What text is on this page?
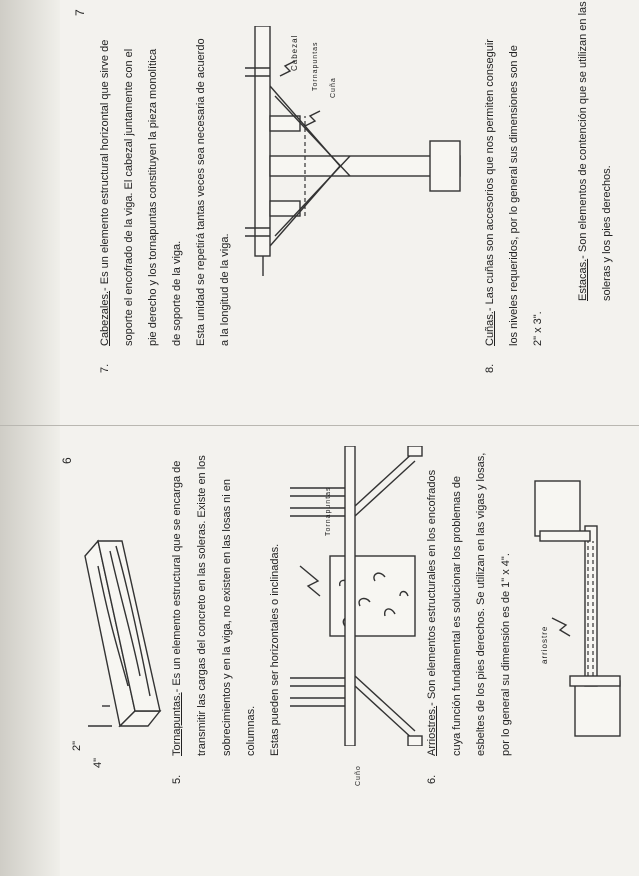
6
2"
4"
5.
Tornapuntas.- Es un elemento estructural que se encarga de transmitir las cargas del concreto en las soleras. Existe en los sobrecimientos y en la viga, no existen en las losas ni en columnas. Estas pueden ser horizontales o inclinadas.
Tornapuntas
Cuño	6.
Arriostres.- Son elementos estructurales en los encofrados cuya función fundamental es solucionar los problemas de esbeltes de los pies derechos. Se utilizan en las vigas y losas, por lo general su dimensión es de 1" x 4".	arriostre
7
7.
Cabezales.- Es un elemento estructural horizontal que sirve de soporte el encofrado de la viga. El cabezal juntamente con el pie derecho y los tornapuntas constituyen la pieza monolítica de soporte de la viga. Esta unidad se repetirá tantas veces sea necesaria de acuerdo a la longitud de la viga.
Cabezal Tornapuntas Cuña
8.
Cuñas.- Las cuñas son accesorios que nos permiten conseguir los niveles requeridos, por lo general sus dimensiones son de 2" x 3".
Estacas.- Son elementos de contención que se utilizan en las soleras y los pies derechos.
